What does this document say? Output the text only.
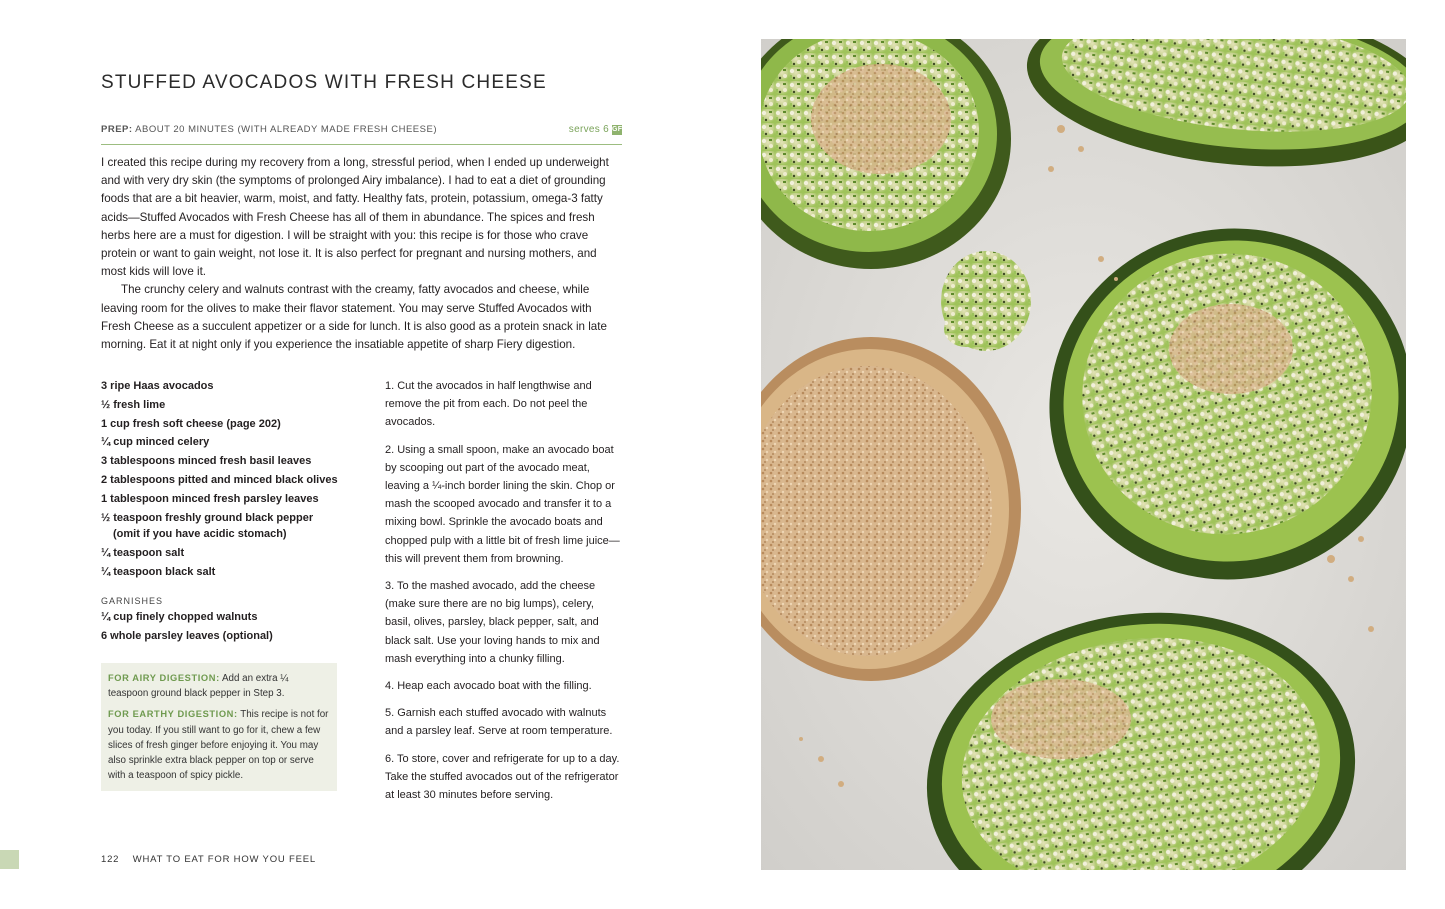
STUFFED AVOCADOS WITH FRESH CHEESE
PREP: ABOUT 20 MINUTES (WITH ALREADY MADE FRESH CHEESE)	serves 6 GF

I created this recipe during my recovery from a long, stressful period, when I ended up underweight and with very dry skin (the symptoms of prolonged Airy imbalance). I had to eat a diet of grounding foods that are a bit heavier, warm, moist, and fatty. Healthy fats, protein, potassium, omega-3 fatty acids—Stuffed Avocados with Fresh Cheese has all of them in abundance. The spices and fresh herbs here are a must for digestion. I will be straight with you: this recipe is for those who crave protein or want to gain weight, not lose it. It is also perfect for pregnant and nursing mothers, and most kids will love it.

The crunchy celery and walnuts contrast with the creamy, fatty avocados and cheese, while leaving room for the olives to make their flavor statement. You may serve Stuffed Avocados with Fresh Cheese as a succulent appetizer or a side for lunch. It is also good as a protein snack in late morning. Eat it at night only if you experience the insatiable appetite of sharp Fiery digestion.

3 ripe Haas avocados
½ fresh lime
1 cup fresh soft cheese (page 202)
¼ cup minced celery
3 tablespoons minced fresh basil leaves
2 tablespoons pitted and minced black olives
1 tablespoon minced fresh parsley leaves
½ teaspoon freshly ground black pepper
(omit if you have acidic stomach)
¼ teaspoon salt
¼ teaspoon black salt
GARNISHES
¼ cup finely chopped walnuts
6 whole parsley leaves (optional)

FOR AIRY DIGESTION: Add an extra ¼ teaspoon ground black pepper in Step 3.

FOR EARTHY DIGESTION: This recipe is not for you today. If you still want to go for it, chew a few slices of fresh ginger before enjoying it. You may also sprinkle extra black pepper on top or serve with a teaspoon of spicy pickle.

1. Cut the avocados in half lengthwise and remove the pit from each. Do not peel the avocados.

2. Using a small spoon, make an avocado boat by scooping out part of the avocado meat, leaving a ¼-inch border lining the skin. Chop or mash the scooped avocado and transfer it to a mixing bowl. Sprinkle the avocado boats and chopped pulp with a little bit of fresh lime juice—this will prevent them from browning.

3. To the mashed avocado, add the cheese (make sure there are no big lumps), celery, basil, olives, parsley, black pepper, salt, and black salt. Use your loving hands to mix and mash everything into a chunky filling.

4. Heap each avocado boat with the filling.

5. Garnish each stuffed avocado with walnuts and a parsley leaf. Serve at room temperature.

6. To store, cover and refrigerate for up to a day. Take the stuffed avocados out of the refrigerator at least 30 minutes before serving.

122 WHAT TO EAT FOR HOW YOU FEEL
